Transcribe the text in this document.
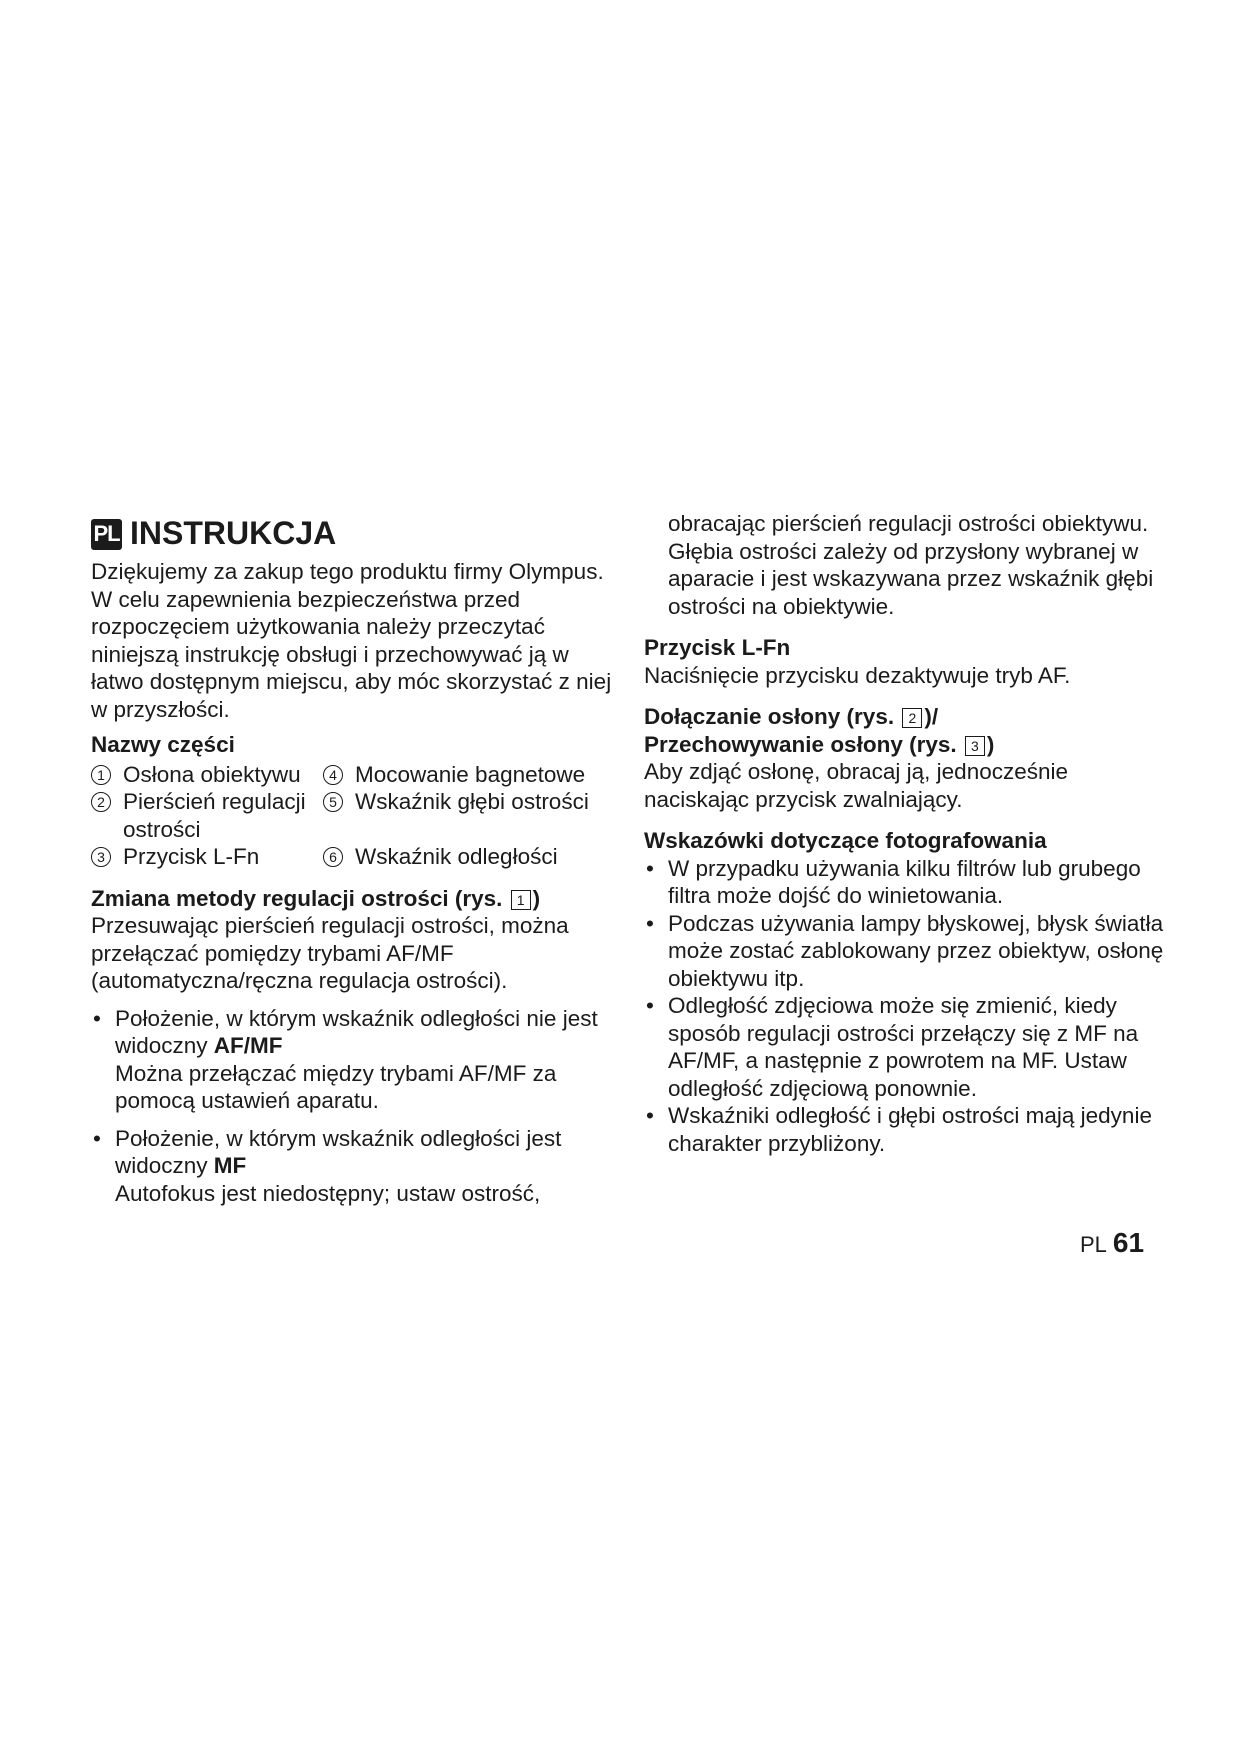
PL INSTRUKCJA

Dziękujemy za zakup tego produktu firmy Olympus. W celu zapewnienia bezpieczeństwa przed rozpoczęciem użytkowania należy przeczytać niniejszą instrukcję obsługi i przechowywać ją w łatwo dostępnym miejscu, aby móc skorzystać z niej w przyszłości.

Nazwy części

1 Osłona obiektywu	4 Mocowanie bagnetowe
2 Pierścień regulacji ostrości
5 Wskaźnik głębi ostrości
3 Przycisk L-Fn	6 Wskaźnik odległości

Zmiana metody regulacji ostrości (rys. 1 )

Przesuwając pierścień regulacji ostrości, można przełączać pomiędzy trybami AF/MF (automatyczna/ręczna regulacja ostrości).

• Położenie, w którym wskaźnik odległości nie jest widoczny AF/MF
Można przełączać między trybami AF/MF za pomocą ustawień aparatu.
• Położenie, w którym wskaźnik odległości jest widoczny MF
Autofokus jest niedostępny; ustaw ostrość,

obracając pierścień regulacji ostrości obiektywu. Głębia ostrości zależy od przysłony wybranej w aparacie i jest wskazywana przez wskaźnik głębi ostrości na obiektywie.

Przycisk L-Fn

Naciśnięcie przycisku dezaktywuje tryb AF.

Dołączanie osłony (rys. 2 )/

Przechowywanie osłony (rys. 3 )

Aby zdjąć osłonę, obracaj ją, jednocześnie naciskając przycisk zwalniający.

Wskazówki dotyczące fotografowania

• W przypadku używania kilku filtrów lub grubego filtra może dojść do winietowania.
• Podczas używania lampy błyskowej, błysk światła może zostać zablokowany przez obiektyw, osłonę obiektywu itp.
• Odległość zdjęciowa może się zmienić, kiedy sposób regulacji ostrości przełączy się z MF na AF/MF, a następnie z powrotem na MF. Ustaw odległość zdjęciową ponownie.
• Wskaźniki odległość i głębi ostrości mają jedynie charakter przybliżony.
PL 61
